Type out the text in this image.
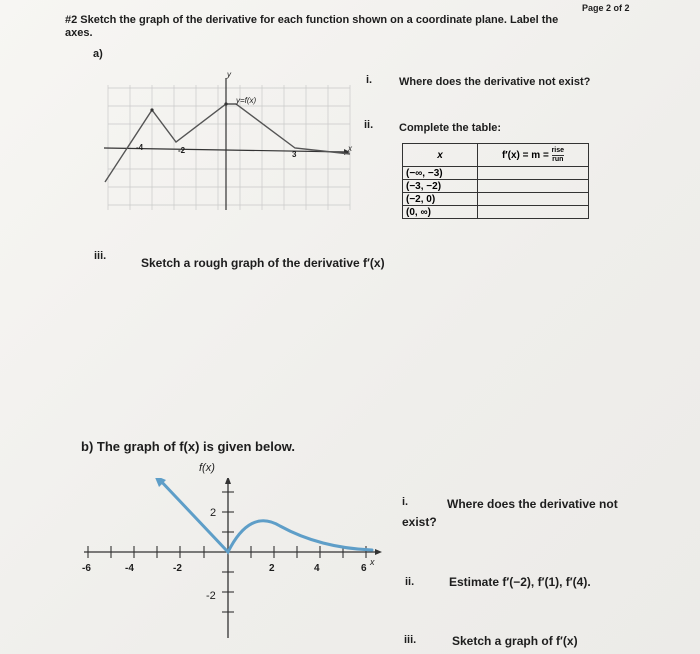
Page 2 of 2
#2 Sketch the graph of the derivative for each function shown on a coordinate plane. Label the
axes.
a)
y
x
y=f(x)
-4	-2	3
i. Where does the derivative not exist?
ii. Complete the table:
x	$f'(x) = m = \frac{\text{rise}}{\text{run}}$

(−∞, −3)	
(−3, −2)	
(−2, 0)	
(0, ∞)	
iii.	Sketch a rough graph of the derivative f′(x)
b) The graph of f(x) is given below.
f(x)
x
-6	-4	-2	2	4	6
2
-2
i.	Where does the derivative not
exist?
ii.	Estimate f′(−2), f′(1), f′(4).
iii.	Sketch a graph of f′(x)
